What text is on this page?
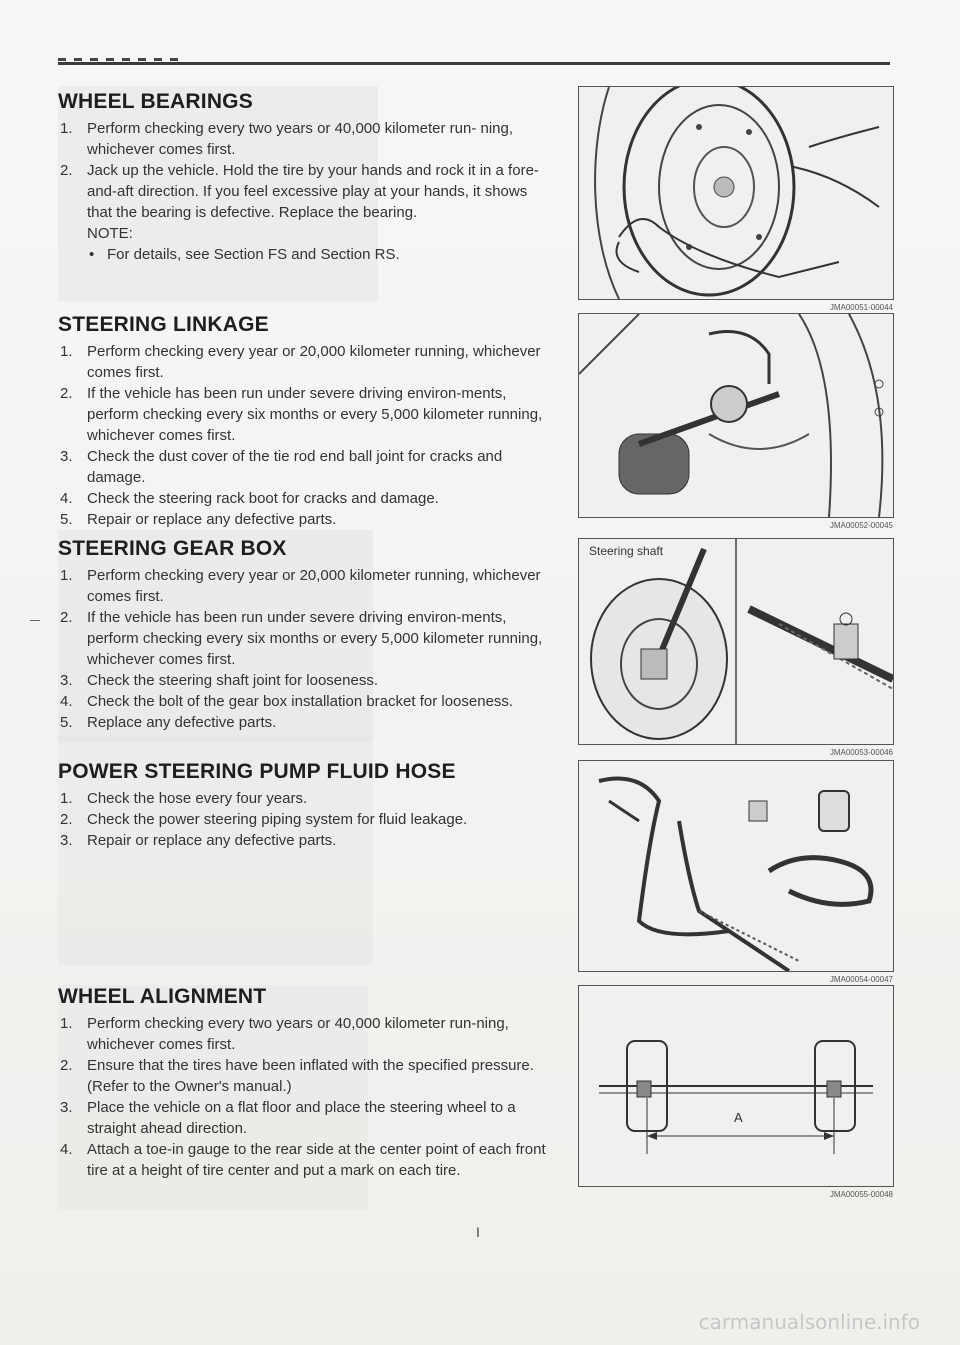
WHEEL BEARINGS
1. Perform checking every two years or 40,000 kilometer run- ning, whichever comes first.
2. Jack up the vehicle. Hold the tire by your hands and rock it in a fore-and-aft direction. If you feel excessive play at your hands, it shows that the bearing is defective. Replace the bearing.
NOTE:
• For details, see Section FS and Section RS.
STEERING LINKAGE
1. Perform checking every year or 20,000 kilometer running, whichever comes first.
2. If the vehicle has been run under severe driving environ-ments, perform checking every six months or every 5,000 kilometer running, whichever comes first.
3. Check the dust cover of the tie rod end ball joint for cracks and damage.
4. Check the steering rack boot for cracks and damage.
5. Repair or replace any defective parts.
STEERING GEAR BOX
1. Perform checking every year or 20,000 kilometer running, whichever comes first.
2. If the vehicle has been run under severe driving environ-ments, perform checking every six months or every 5,000 kilometer running, whichever comes first.
3. Check the steering shaft joint for looseness.
4. Check the bolt of the gear box installation bracket for looseness.
5. Replace any defective parts.
POWER STEERING PUMP FLUID HOSE
1. Check the hose every four years.
2. Check the power steering piping system for fluid leakage.
3. Repair or replace any defective parts.
WHEEL ALIGNMENT
1. Perform checking every two years or 40,000 kilometer run-ning, whichever comes first.
2. Ensure that the tires have been inflated with the specified pressure. (Refer to the Owner's manual.)
3. Place the vehicle on a flat floor and place the steering wheel to a straight ahead direction.
4. Attach a toe-in gauge to the rear side at the center point of each front tire at a height of tire center and put a mark on each tire.
JMA00051-00044
JMA00052-00045
Steering shaft
JMA00053-00046
JMA00054-00047
A
JMA00055-00048
I
carmanualsonline.info
